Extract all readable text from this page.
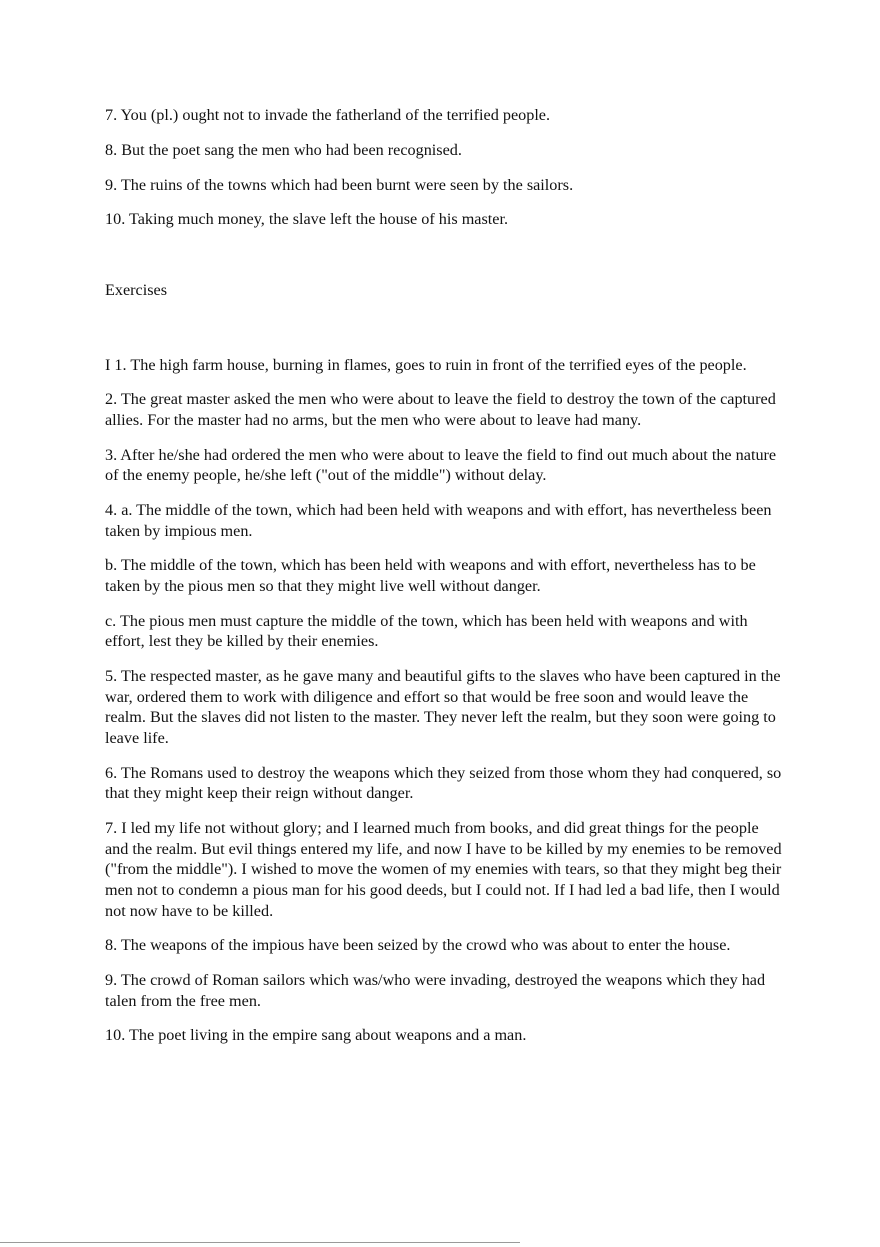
7. You (pl.) ought not to invade the fatherland of the terrified people.

8. But the poet sang the men who had been recognised.

9. The ruins of the towns which had been burnt were seen by the sailors.

10. Taking much money, the slave left the house of his master.

Exercises

I 1. The high farm house, burning in flames, goes to ruin in front of the terrified eyes of the people.

2. The great master asked the men who were about to leave the field to destroy the town of the captured allies. For the master had no arms, but the men who were about to leave had many.

3. After he/she had ordered the men who were about to leave the field to find out much about the nature of the enemy people, he/she left ("out of the middle") without delay.

4. a. The middle of the town, which had been held with weapons and with effort, has nevertheless been taken by impious men.

b. The middle of the town, which has been held with weapons and with effort, nevertheless has to be taken by the pious men so that they might live well without danger.

c. The pious men must capture the middle of the town, which has been held with weapons and with effort, lest they be killed by their enemies.

5. The respected master, as he gave many and beautiful gifts to the slaves who have been captured in the war, ordered them to work with diligence and effort so that would be free soon and would leave the realm. But the slaves did not listen to the master. They never left the realm, but they soon were going to leave life.

6. The Romans used to destroy the weapons which they seized from those whom they had conquered, so that they might keep their reign without danger.

7. I led my life not without glory; and I learned much from books, and did great things for the people and the realm. But evil things entered my life, and now I have to be killed by my enemies to be removed ("from the middle"). I wished to move the women of my enemies with tears, so that they might beg their men not to condemn a pious man for his good deeds, but I could not. If I had led a bad life, then I would not now have to be killed.

8. The weapons of the impious have been seized by the crowd who was about to enter the house.

9. The crowd of Roman sailors which was/who were invading, destroyed the weapons which they had talen from the free men.

10. The poet living in the empire sang about weapons and a man.
